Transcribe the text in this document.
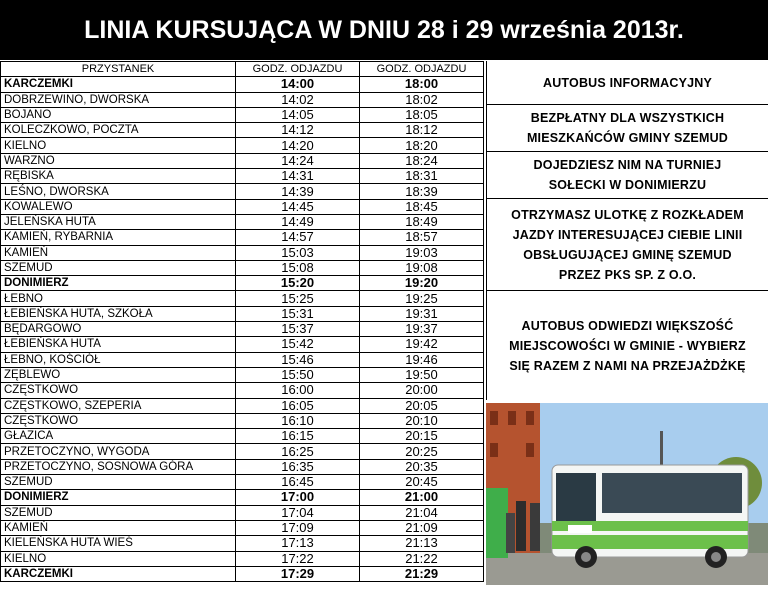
LINIA KURSUJĄCA W DNIU 28 i 29 września 2013r.
PRZYSTANEK	GODZ. ODJAZDU	GODZ. ODJAZDU
KARCZEMKI	14:00	18:00
DOBRZEWINO, DWORSKA	14:02	18:02
BOJANO	14:05	18:05
KOLECZKOWO, POCZTA	14:12	18:12
KIELNO	14:20	18:20
WARZNO	14:24	18:24
RĘBISKA	14:31	18:31
LEŚNO, DWORSKA	14:39	18:39
KOWALEWO	14:45	18:45
JELEŃSKA HUTA	14:49	18:49
KAMIEŃ, RYBARNIA	14:57	18:57
KAMIEŃ	15:03	19:03
SZEMUD	15:08	19:08
DONIMIERZ	15:20	19:20
ŁEBNO	15:25	19:25
ŁEBIEŃSKA HUTA, SZKOŁA	15:31	19:31
BĘDARGOWO	15:37	19:37
ŁEBIEŃSKA HUTA	15:42	19:42
ŁEBNO, KOŚCIÓŁ	15:46	19:46
ZĘBLEWO	15:50	19:50
CZĘSTKOWO	16:00	20:00
CZĘSTKOWO, SZEPERIA	16:05	20:05
CZĘSTKOWO	16:10	20:10
GŁAZICA	16:15	20:15
PRZETOCZYNO, WYGODA	16:25	20:25
PRZETOCZYNO, SOSNOWA GÓRA	16:35	20:35
SZEMUD	16:45	20:45
DONIMIERZ	17:00	21:00
SZEMUD	17:04	21:04
KAMIEŃ	17:09	21:09
KIELEŃSKA HUTA WIEŚ	17:13	21:13
KIELNO	17:22	21:22
KARCZEMKI	17:29	21:29
AUTOBUS INFORMACYJNY
BEZPŁATNY DLA WSZYSTKICH
MIESZKAŃCÓW GMINY SZEMUD
DOJEDZIESZ NIM NA TURNIEJ
SOŁECKI W DONIMIERZU
OTRZYMASZ ULOTKĘ Z ROZKŁADEM
JAZDY INTERESUJĄCEJ CIEBIE LINII
OBSŁUGUJĄCEJ GMINĘ SZEMUD
PRZEZ PKS SP. Z O.O.
AUTOBUS ODWIEDZI WIĘKSZOŚĆ
MIEJSCOWOŚCI W GMINIE - WYBIERZ
SIĘ RAZEM Z NAMI NA PRZEJAŻDŻKĘ
